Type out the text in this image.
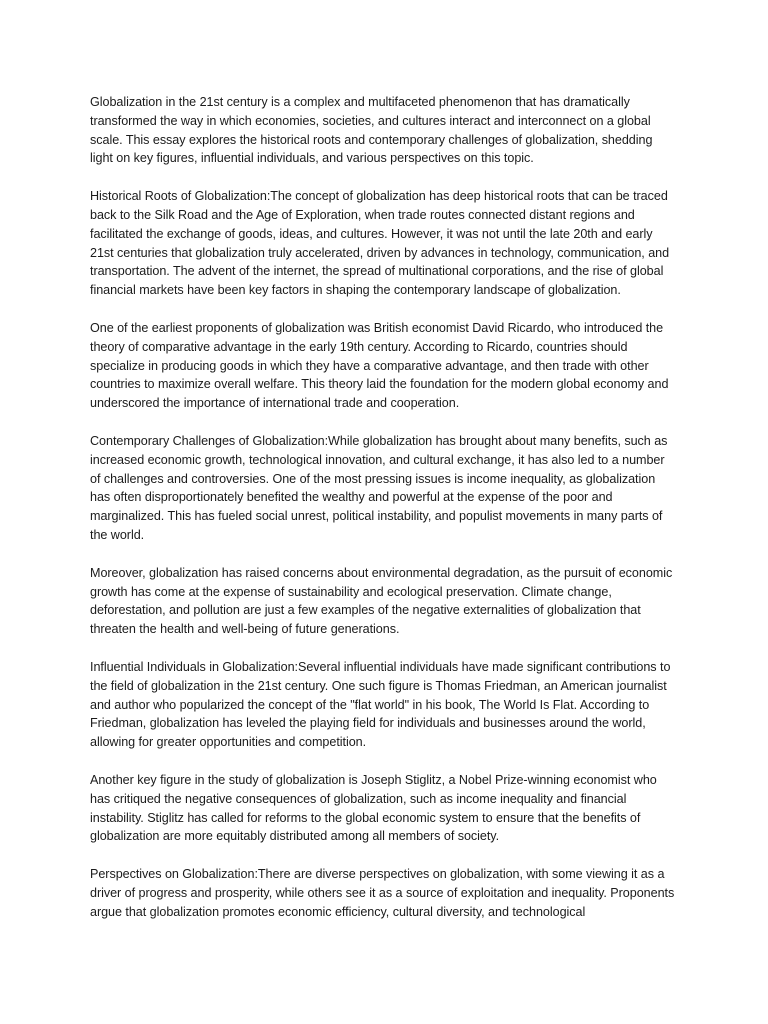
Globalization in the 21st century is a complex and multifaceted phenomenon that has dramatically transformed the way in which economies, societies, and cultures interact and interconnect on a global scale. This essay explores the historical roots and contemporary challenges of globalization, shedding light on key figures, influential individuals, and various perspectives on this topic.

Historical Roots of Globalization:The concept of globalization has deep historical roots that can be traced back to the Silk Road and the Age of Exploration, when trade routes connected distant regions and facilitated the exchange of goods, ideas, and cultures. However, it was not until the late 20th and early 21st centuries that globalization truly accelerated, driven by advances in technology, communication, and transportation. The advent of the internet, the spread of multinational corporations, and the rise of global financial markets have been key factors in shaping the contemporary landscape of globalization.

One of the earliest proponents of globalization was British economist David Ricardo, who introduced the theory of comparative advantage in the early 19th century. According to Ricardo, countries should specialize in producing goods in which they have a comparative advantage, and then trade with other countries to maximize overall welfare. This theory laid the foundation for the modern global economy and underscored the importance of international trade and cooperation.

Contemporary Challenges of Globalization:While globalization has brought about many benefits, such as increased economic growth, technological innovation, and cultural exchange, it has also led to a number of challenges and controversies. One of the most pressing issues is income inequality, as globalization has often disproportionately benefited the wealthy and powerful at the expense of the poor and marginalized. This has fueled social unrest, political instability, and populist movements in many parts of the world.

Moreover, globalization has raised concerns about environmental degradation, as the pursuit of economic growth has come at the expense of sustainability and ecological preservation. Climate change, deforestation, and pollution are just a few examples of the negative externalities of globalization that threaten the health and well-being of future generations.

Influential Individuals in Globalization:Several influential individuals have made significant contributions to the field of globalization in the 21st century. One such figure is Thomas Friedman, an American journalist and author who popularized the concept of the "flat world" in his book, The World Is Flat. According to Friedman, globalization has leveled the playing field for individuals and businesses around the world, allowing for greater opportunities and competition.

Another key figure in the study of globalization is Joseph Stiglitz, a Nobel Prize-winning economist who has critiqued the negative consequences of globalization, such as income inequality and financial instability. Stiglitz has called for reforms to the global economic system to ensure that the benefits of globalization are more equitably distributed among all members of society.

Perspectives on Globalization:There are diverse perspectives on globalization, with some viewing it as a driver of progress and prosperity, while others see it as a source of exploitation and inequality. Proponents argue that globalization promotes economic efficiency, cultural diversity, and technological
